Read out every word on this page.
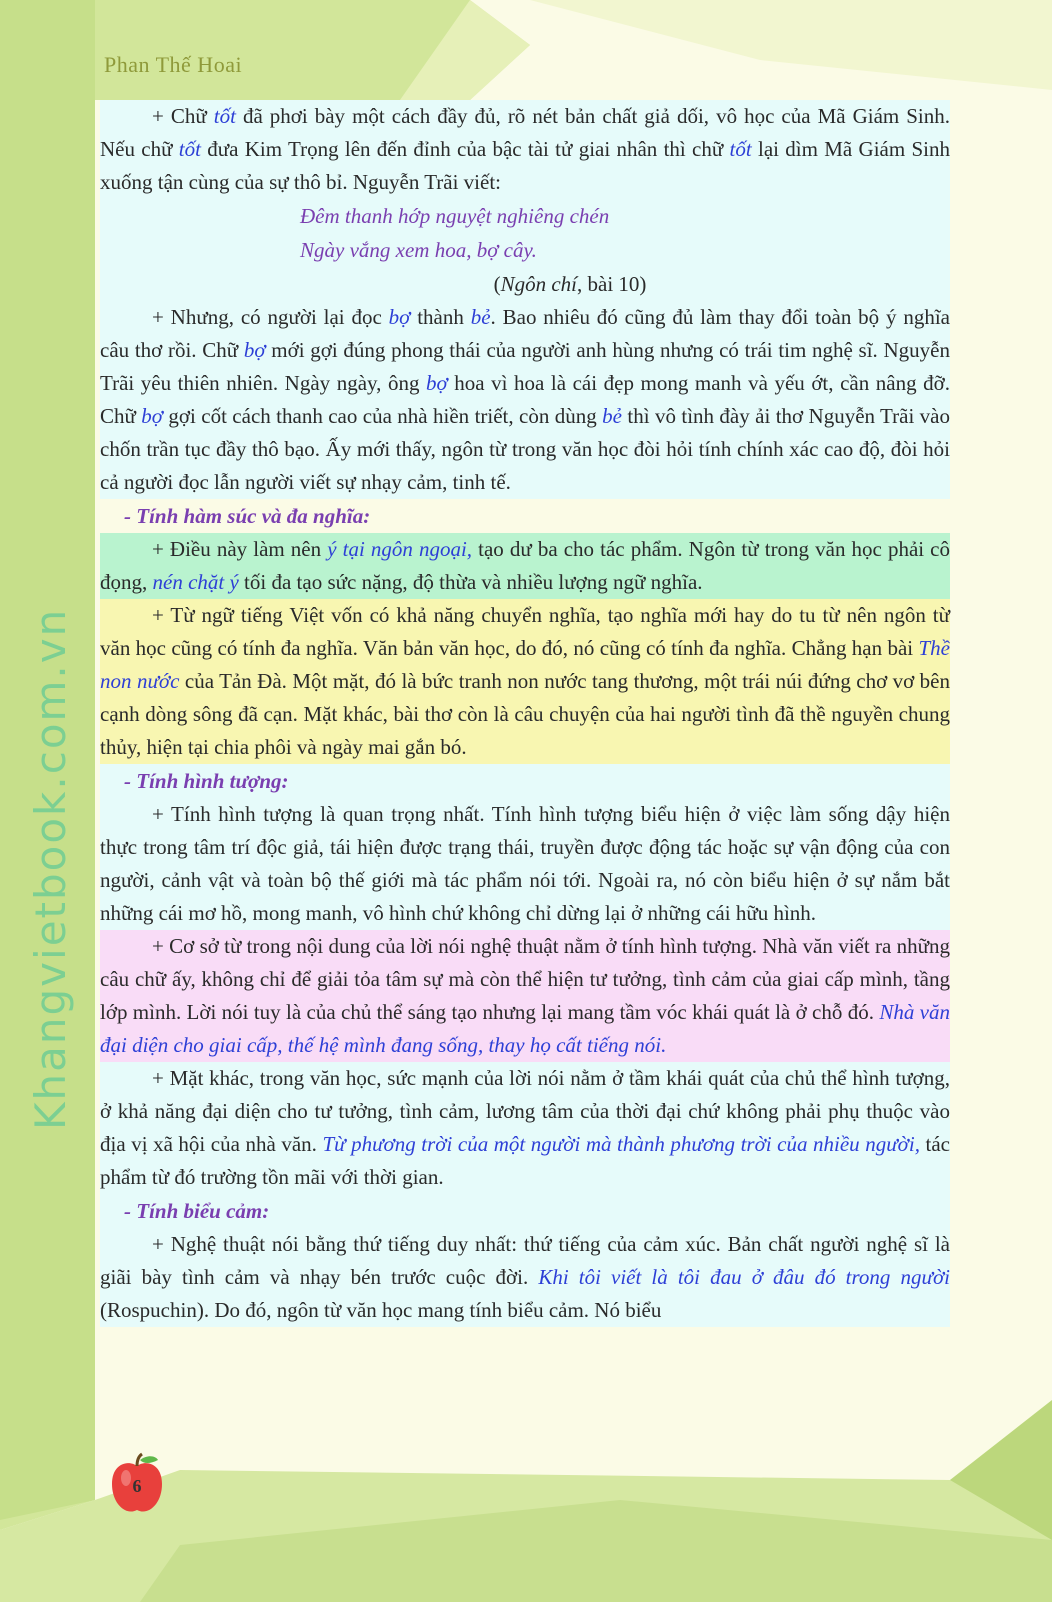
Phan Thế Hoai
Khangvietbook.com.vn

+ Chữ tốt đã phơi bày một cách đầy đủ, rõ nét bản chất giả dối, vô học của Mã Giám Sinh. Nếu chữ tốt đưa Kim Trọng lên đến đỉnh của bậc tài tử giai nhân thì chữ tốt lại dìm Mã Giám Sinh xuống tận cùng của sự thô bỉ. Nguyễn Trãi viết:

Đêm thanh hớp nguyệt nghiêng chén
Ngày vắng xem hoa, bợ cây.
(Ngôn chí, bài 10)

+ Nhưng, có người lại đọc bợ thành bẻ. Bao nhiêu đó cũng đủ làm thay đổi toàn bộ ý nghĩa câu thơ rồi. Chữ bợ mới gợi đúng phong thái của người anh hùng nhưng có trái tim nghệ sĩ. Nguyễn Trãi yêu thiên nhiên. Ngày ngày, ông bợ hoa vì hoa là cái đẹp mong manh và yếu ớt, cần nâng đỡ. Chữ bợ gợi cốt cách thanh cao của nhà hiền triết, còn dùng bẻ thì vô tình đày ải thơ Nguyễn Trãi vào chốn trần tục đầy thô bạo. Ấy mới thấy, ngôn từ trong văn học đòi hỏi tính chính xác cao độ, đòi hỏi cả người đọc lẫn người viết sự nhạy cảm, tinh tế.

- Tính hàm súc và đa nghĩa:

+ Điều này làm nên ý tại ngôn ngoại, tạo dư ba cho tác phẩm. Ngôn từ trong văn học phải cô đọng, nén chặt ý tối đa tạo sức nặng, độ thừa và nhiều lượng ngữ nghĩa.

+ Từ ngữ tiếng Việt vốn có khả năng chuyển nghĩa, tạo nghĩa mới hay do tu từ nên ngôn từ văn học cũng có tính đa nghĩa. Văn bản văn học, do đó, nó cũng có tính đa nghĩa. Chẳng hạn bài Thề non nước của Tản Đà. Một mặt, đó là bức tranh non nước tang thương, một trái núi đứng chơ vơ bên cạnh dòng sông đã cạn. Mặt khác, bài thơ còn là câu chuyện của hai người tình đã thề nguyền chung thủy, hiện tại chia phôi và ngày mai gắn bó.

- Tính hình tượng:

+ Tính hình tượng là quan trọng nhất. Tính hình tượng biểu hiện ở việc làm sống dậy hiện thực trong tâm trí độc giả, tái hiện được trạng thái, truyền được động tác hoặc sự vận động của con người, cảnh vật và toàn bộ thế giới mà tác phẩm nói tới. Ngoài ra, nó còn biểu hiện ở sự nắm bắt những cái mơ hồ, mong manh, vô hình chứ không chỉ dừng lại ở những cái hữu hình.

+ Cơ sở từ trong nội dung của lời nói nghệ thuật nằm ở tính hình tượng. Nhà văn viết ra những câu chữ ấy, không chỉ để giải tỏa tâm sự mà còn thể hiện tư tưởng, tình cảm của giai cấp mình, tầng lớp mình. Lời nói tuy là của chủ thể sáng tạo nhưng lại mang tầm vóc khái quát là ở chỗ đó. Nhà văn đại diện cho giai cấp, thế hệ mình đang sống, thay họ cất tiếng nói.

+ Mặt khác, trong văn học, sức mạnh của lời nói nằm ở tầm khái quát của chủ thể hình tượng, ở khả năng đại diện cho tư tưởng, tình cảm, lương tâm của thời đại chứ không phải phụ thuộc vào địa vị xã hội của nhà văn. Từ phương trời của một người mà thành phương trời của nhiều người, tác phẩm từ đó trường tồn mãi với thời gian.

- Tính biểu cảm:

+ Nghệ thuật nói bằng thứ tiếng duy nhất: thứ tiếng của cảm xúc. Bản chất người nghệ sĩ là giãi bày tình cảm và nhạy bén trước cuộc đời. Khi tôi viết là tôi đau ở đâu đó trong người (Rospuchin). Do đó, ngôn từ văn học mang tính biểu cảm. Nó biểu

6
